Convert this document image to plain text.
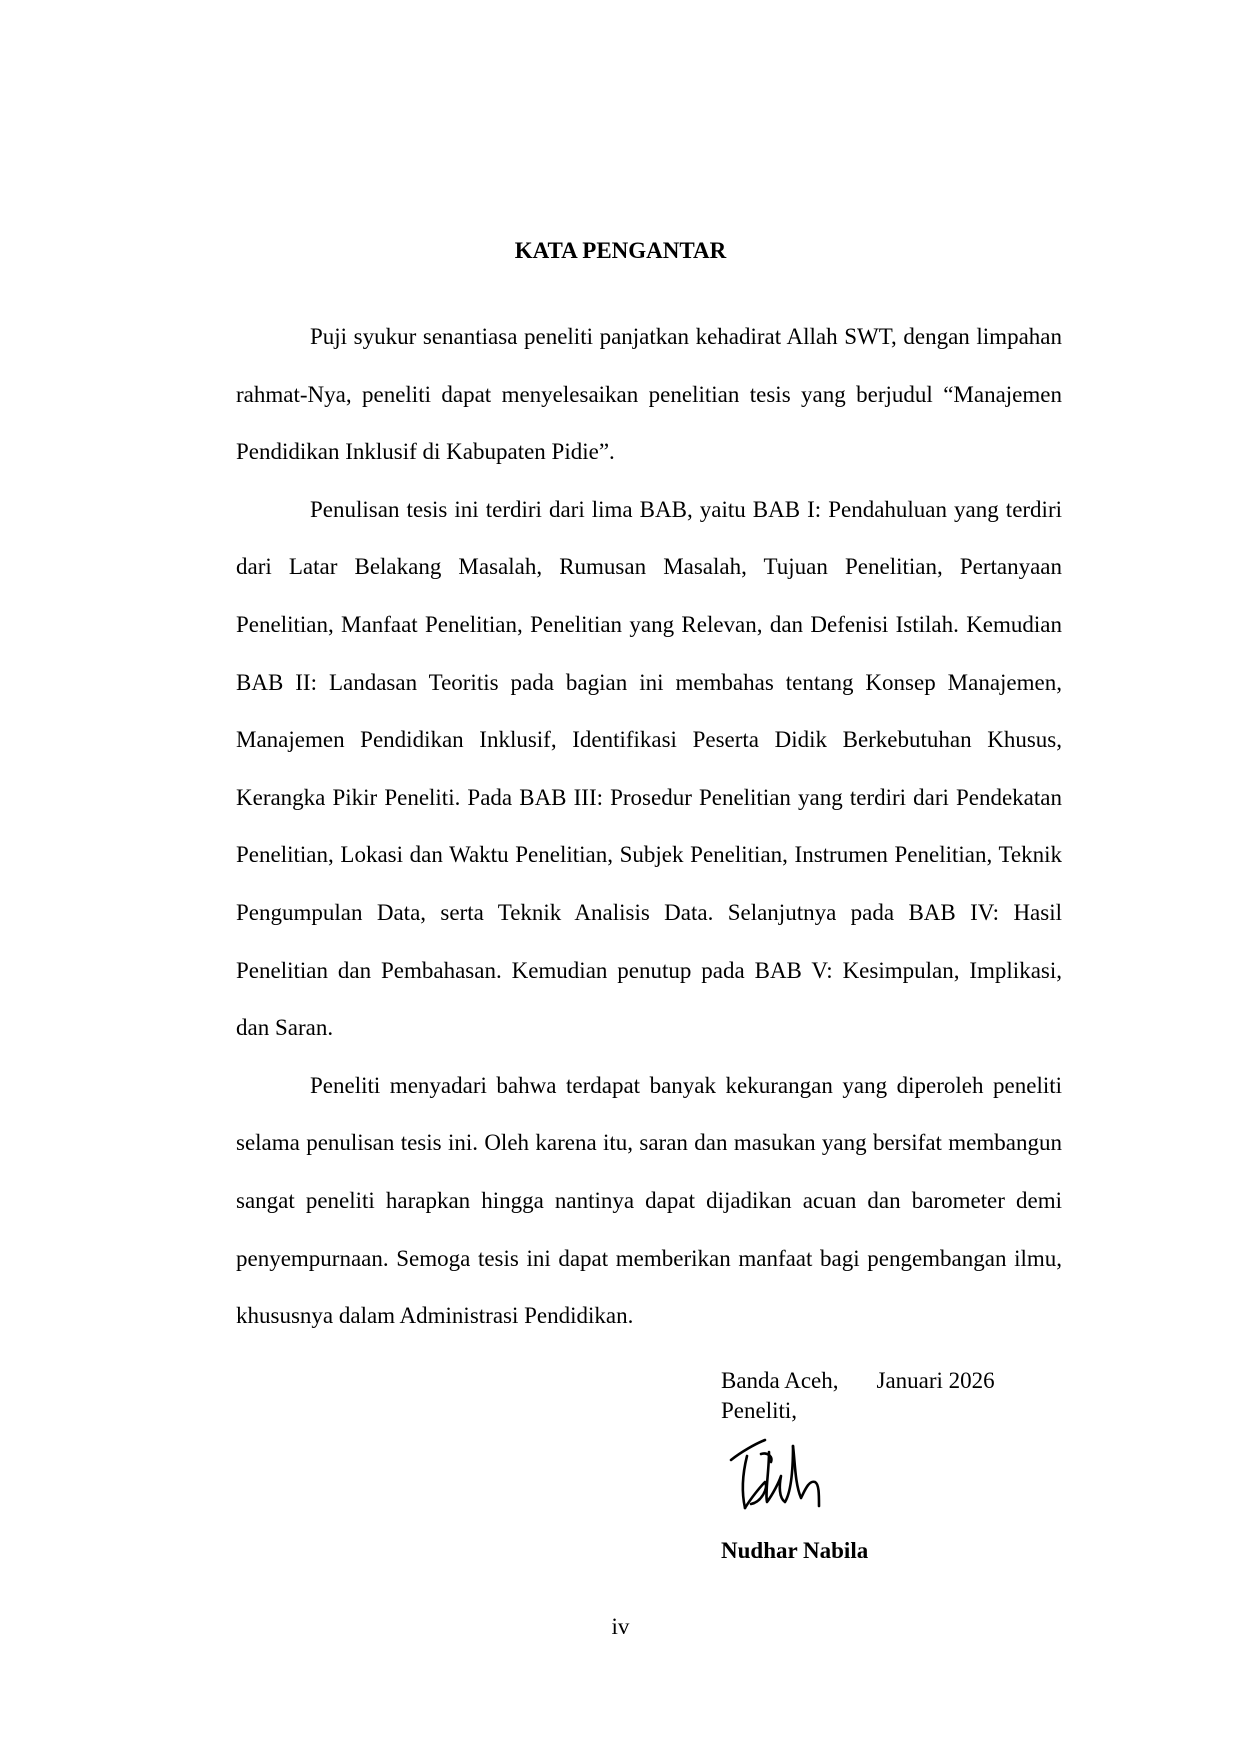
KATA PENGANTAR

Puji syukur senantiasa peneliti panjatkan kehadirat Allah SWT, dengan limpahan rahmat-Nya, peneliti dapat menyelesaikan penelitian tesis yang berjudul “Manajemen Pendidikan Inklusif di Kabupaten Pidie”.

Penulisan tesis ini terdiri dari lima BAB, yaitu BAB I: Pendahuluan yang terdiri dari Latar Belakang Masalah, Rumusan Masalah, Tujuan Penelitian, Pertanyaan Penelitian, Manfaat Penelitian, Penelitian yang Relevan, dan Defenisi Istilah. Kemudian BAB II: Landasan Teoritis pada bagian ini membahas tentang Konsep Manajemen, Manajemen Pendidikan Inklusif, Identifikasi Peserta Didik Berkebutuhan Khusus, Kerangka Pikir Peneliti. Pada BAB III: Prosedur Penelitian yang terdiri dari Pendekatan Penelitian, Lokasi dan Waktu Penelitian, Subjek Penelitian, Instrumen Penelitian, Teknik Pengumpulan Data, serta Teknik Analisis Data. Selanjutnya pada BAB IV: Hasil Penelitian dan Pembahasan. Kemudian penutup pada BAB V: Kesimpulan, Implikasi, dan Saran.

Peneliti menyadari bahwa terdapat banyak kekurangan yang diperoleh peneliti selama penulisan tesis ini. Oleh karena itu, saran dan masukan yang bersifat membangun sangat peneliti harapkan hingga nantinya dapat dijadikan acuan dan barometer demi penyempurnaan. Semoga tesis ini dapat memberikan manfaat bagi pengembangan ilmu, khususnya dalam Administrasi Pendidikan.

Banda Aceh, Januari 2026
Peneliti,
Nudhar Nabila
iv
